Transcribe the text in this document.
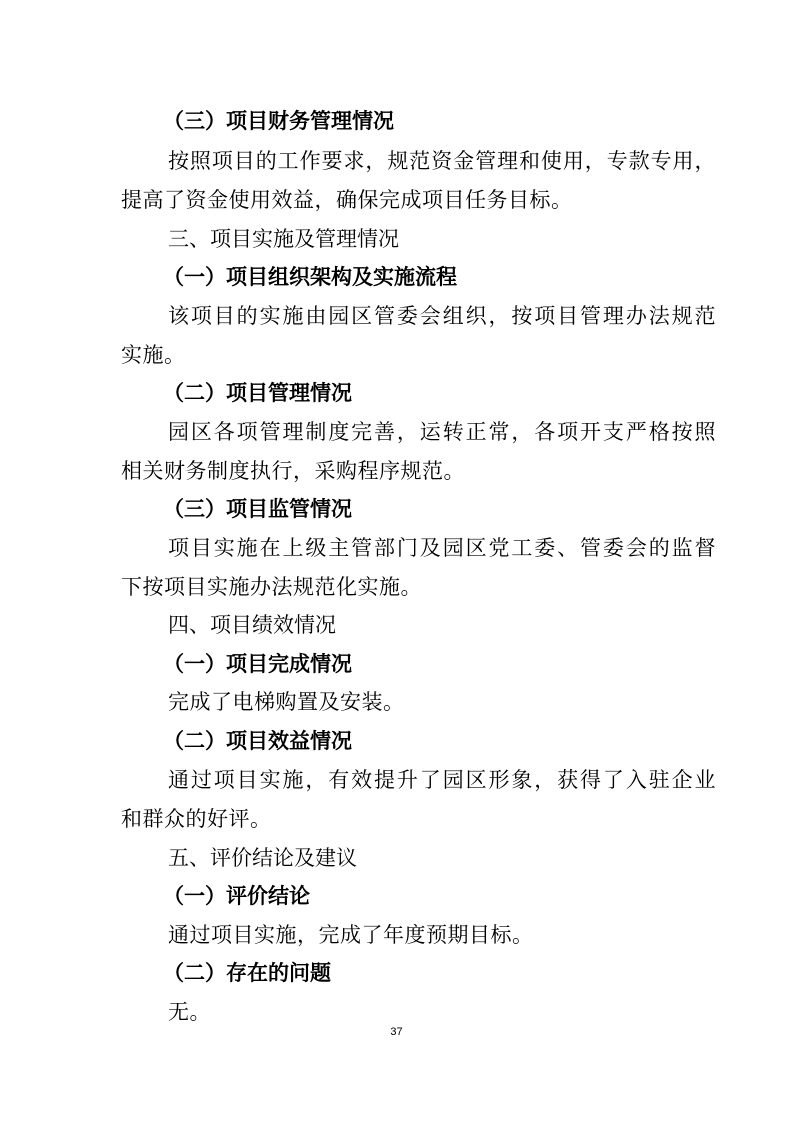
（三）项目财务管理情况
按照项目的工作要求，规范资金管理和使用，专款专用，
提高了资金使用效益，确保完成项目任务目标。
三、项目实施及管理情况
（一）项目组织架构及实施流程
该项目的实施由园区管委会组织，按项目管理办法规范
实施。
（二）项目管理情况
园区各项管理制度完善，运转正常，各项开支严格按照
相关财务制度执行，采购程序规范。
（三）项目监管情况
项目实施在上级主管部门及园区党工委、管委会的监督
下按项目实施办法规范化实施。
四、项目绩效情况
（一）项目完成情况
完成了电梯购置及安装。
（二）项目效益情况
通过项目实施，有效提升了园区形象，获得了入驻企业
和群众的好评。
五、评价结论及建议
（一）评价结论
通过项目实施，完成了年度预期目标。
（二）存在的问题
无。
37
